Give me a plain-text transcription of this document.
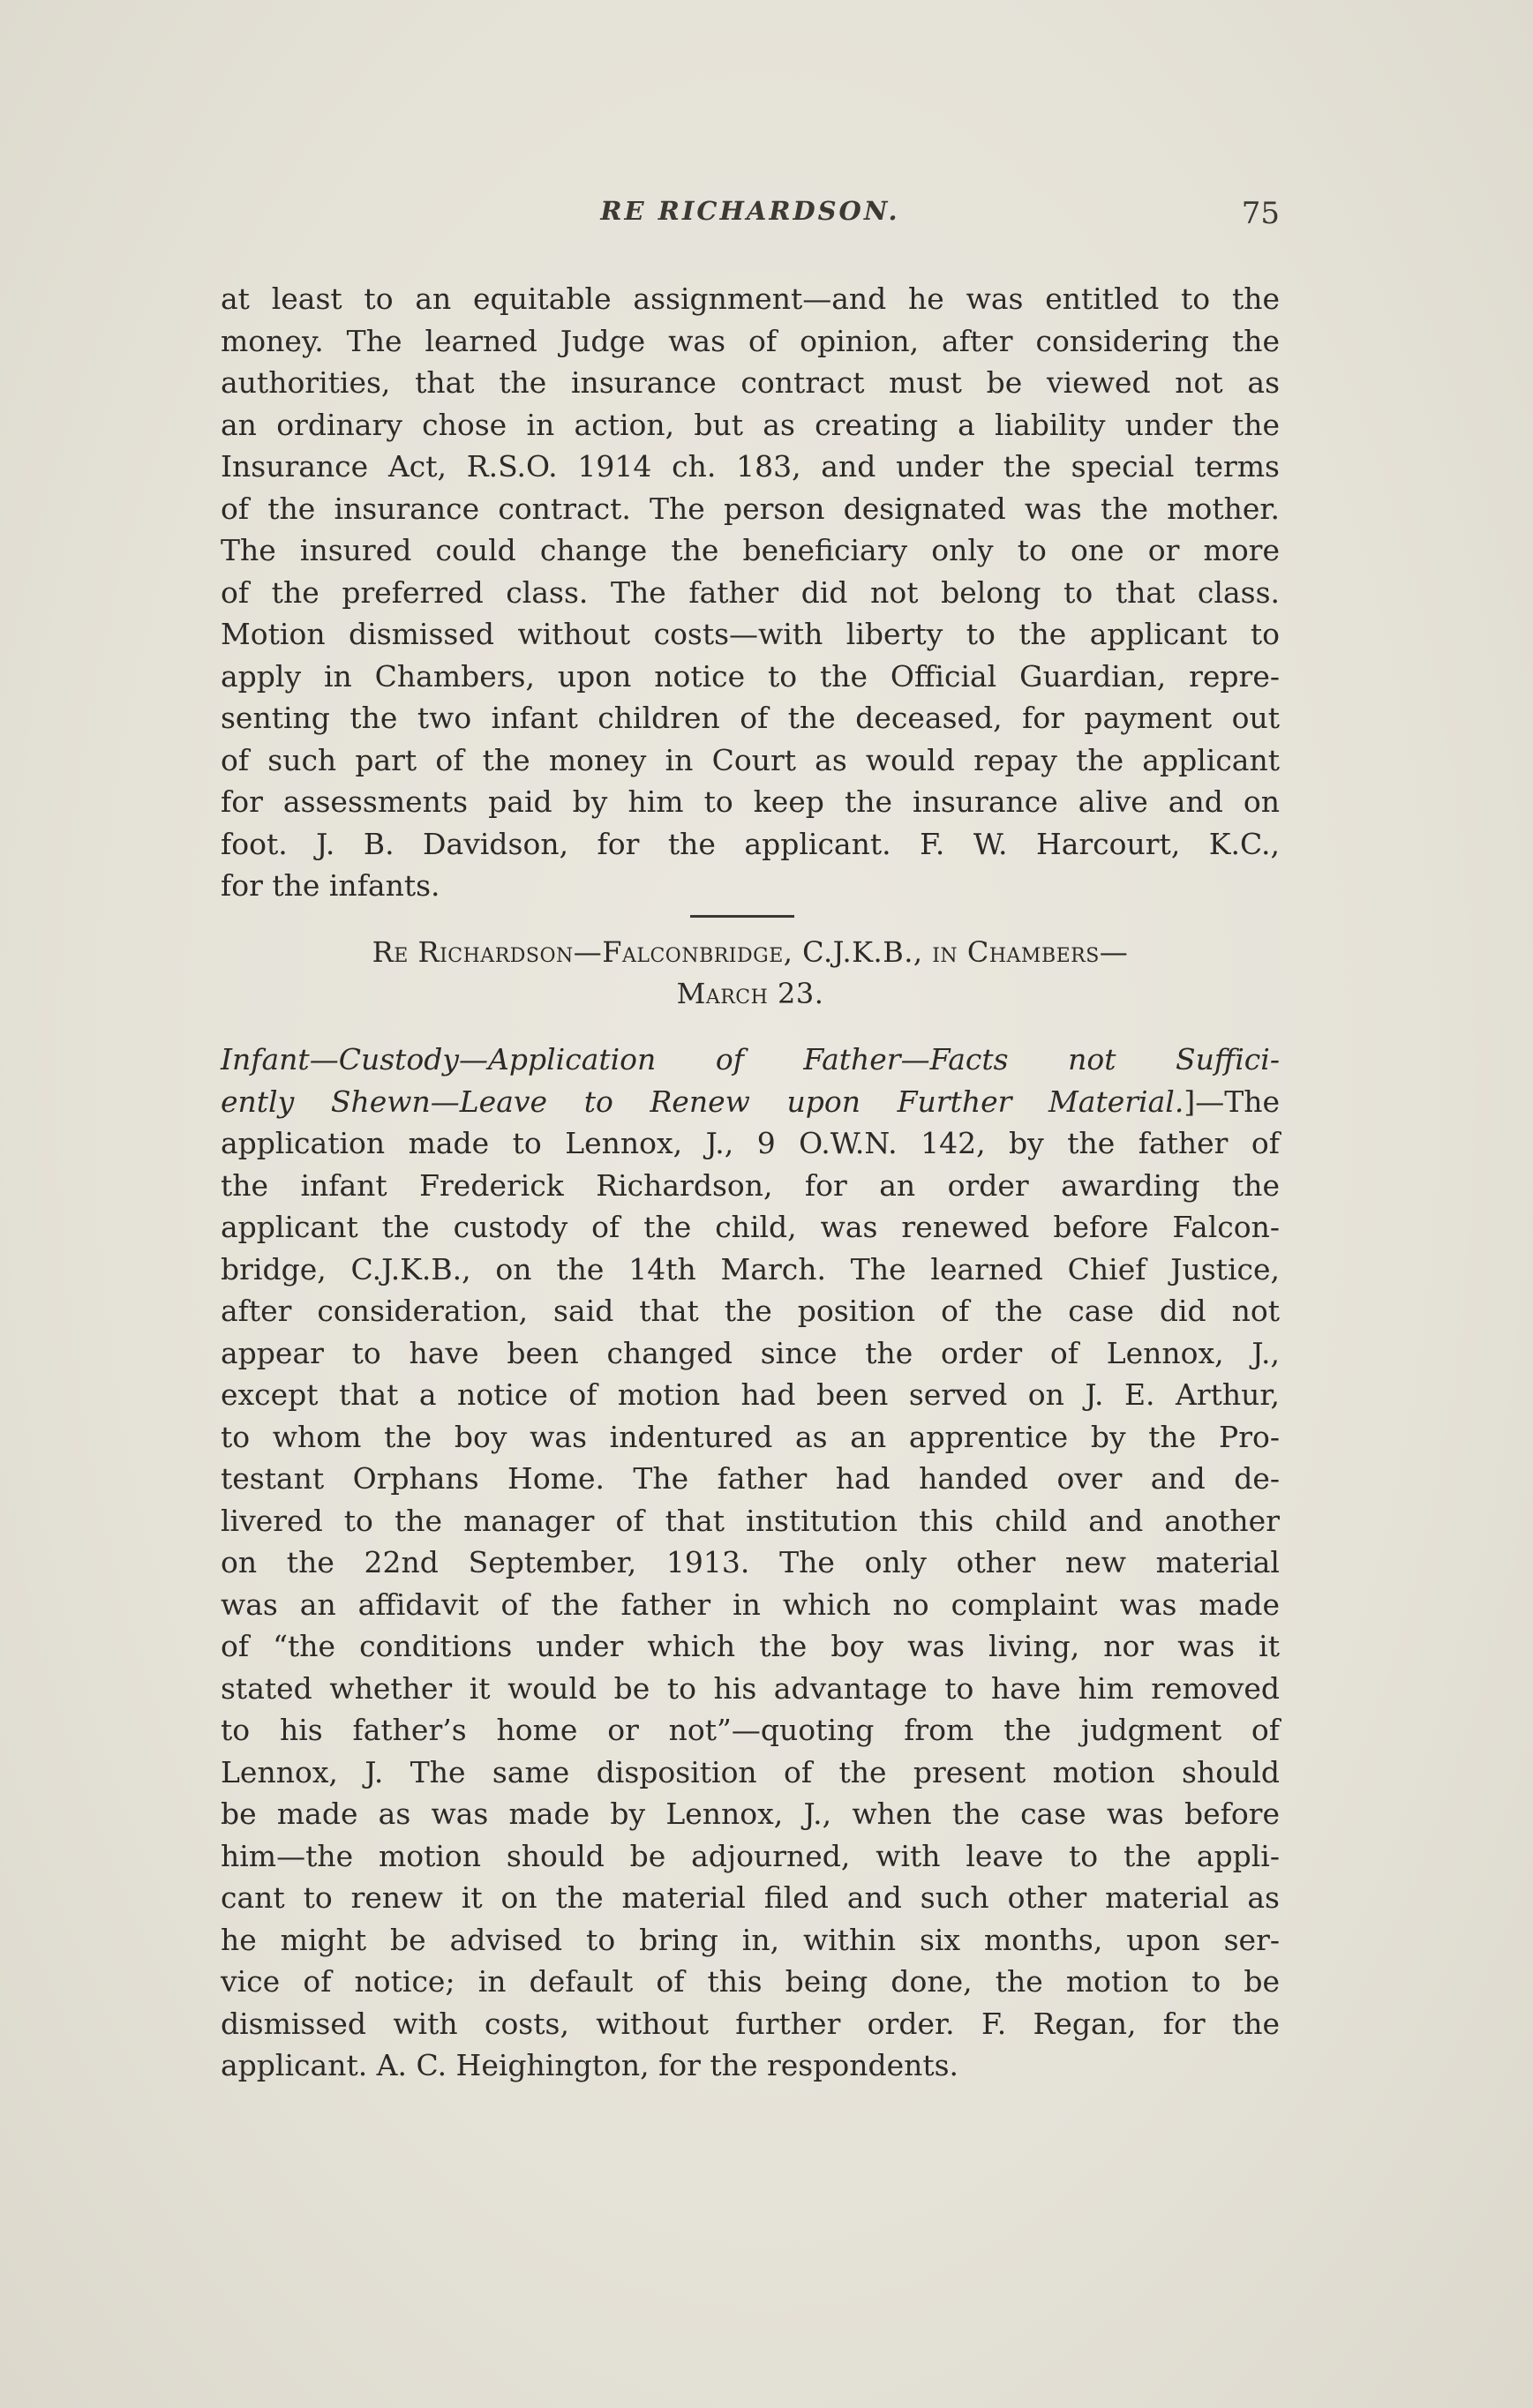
RE RICHARDSON.	75
at least to an equitable assignment—and he was entitled to the
money. The learned Judge was of opinion, after considering the
authorities, that the insurance contract must be viewed not as
an ordinary chose in action, but as creating a liability under the
Insurance Act, R.S.O. 1914 ch. 183, and under the special terms
of the insurance contract. The person designated was the mother.
The insured could change the beneficiary only to one or more
of the preferred class. The father did not belong to that class.
Motion dismissed without costs—with liberty to the applicant to
apply in Chambers, upon notice to the Official Guardian, repre-
senting the two infant children of the deceased, for payment out
of such part of the money in Court as would repay the applicant
for assessments paid by him to keep the insurance alive and on
foot. J. B. Davidson, for the applicant. F. W. Harcourt, K.C.,
for the infants.
Re Richardson—Falconbridge, C.J.K.B., in Chambers—
March 23.
Infant—Custody—Application of Father—Facts not Suffici-
ently Shewn—Leave to Renew upon Further Material.]—The
application made to Lennox, J., 9 O.W.N. 142, by the father of
the infant Frederick Richardson, for an order awarding the
applicant the custody of the child, was renewed before Falcon-
bridge, C.J.K.B., on the 14th March. The learned Chief Justice,
after consideration, said that the position of the case did not
appear to have been changed since the order of Lennox, J.,
except that a notice of motion had been served on J. E. Arthur,
to whom the boy was indentured as an apprentice by the Pro-
testant Orphans Home. The father had handed over and de-
livered to the manager of that institution this child and another
on the 22nd September, 1913. The only other new material
was an affidavit of the father in which no complaint was made
of “the conditions under which the boy was living, nor was it
stated whether it would be to his advantage to have him removed
to his father’s home or not”—quoting from the judgment of
Lennox, J. The same disposition of the present motion should
be made as was made by Lennox, J., when the case was before
him—the motion should be adjourned, with leave to the appli-
cant to renew it on the material filed and such other material as
he might be advised to bring in, within six months, upon ser-
vice of notice; in default of this being done, the motion to be
dismissed with costs, without further order. F. Regan, for the
applicant. A. C. Heighington, for the respondents.
